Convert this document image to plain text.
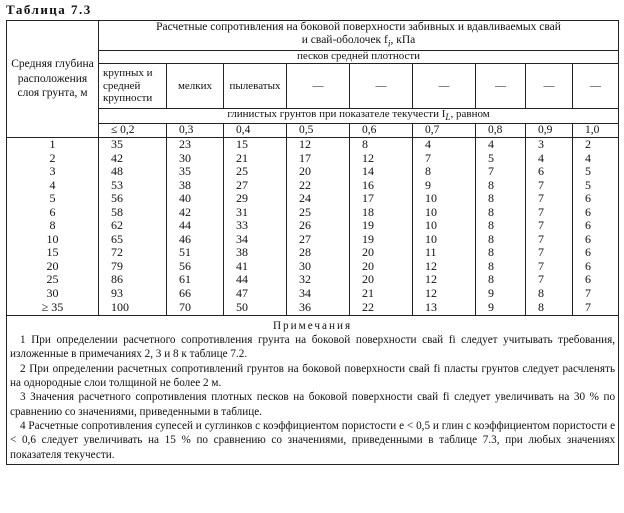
Таблица 7.3
Средняя глубина расположения слоя грунта, м	Расчетные сопротивления на боковой поверхности забивных и вдавливаемых свай
и свай-оболочек $f_i$, кПа								
	песков средней плотности								
	крупных и средней крупности	мелких	пылеватых	—	—	—	—	—	—
	глинистых грунтов при показателе текучести $I_L$, равном								
	≤ 0,2	0,3	0,4	0,5	0,6	0,7	0,8	0,9	1,0
1	35	23	15	12	8	4	4	3	2
2	42	30	21	17	12	7	5	4	4
3	48	35	25	20	14	8	7	6	5
4	53	38	27	22	16	9	8	7	5
5	56	40	29	24	17	10	8	7	6
6	58	42	31	25	18	10	8	7	6
8	62	44	33	26	19	10	8	7	6
10	65	46	34	27	19	10	8	7	6
15	72	51	38	28	20	11	8	7	6
20	79	56	41	30	20	12	8	7	6
25	86	61	44	32	20	12	8	7	6
30	93	66	47	34	21	12	9	8	7
≥ 35	100	70	50	36	22	13	9	8	7

Примечания

1 При определении расчетного сопротивления грунта на боковой поверхности свай fi следует учитывать требования, изложенные в примечаниях 2, 3 и 8 к таблице 7.2.

2 При определении расчетных сопротивлений грунтов на боковой поверхности свай fi пласты грунтов следует расчленять на однородные слои толщиной не более 2 м.

3 Значения расчетного сопротивления плотных песков на боковой поверхности свай fi следует увеличивать на 30 % по сравнению со значениями, приведенными в таблице.

4 Расчетные сопротивления супесей и суглинков с коэффициентом пористости e < 0,5 и глин с коэффициентом пористости e < 0,6 следует увеличивать на 15 % по сравнению со значениями, приведенными в таблице 7.3, при любых значениях показателя текучести.									
